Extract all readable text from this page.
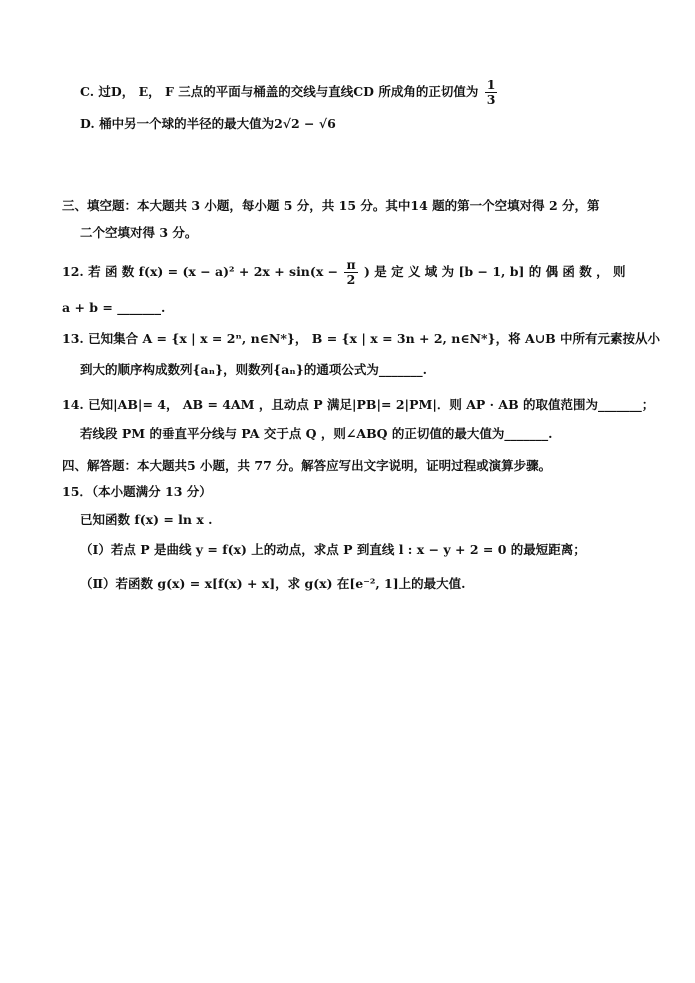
C. 过D， E， F 三点的平面与桶盖的交线与直线CD 所成角的正切值为 $\frac{1}{3}$
D. 桶中另一个球的半径的最大值为2√2 − √6
三、填空题：本大题共 3 小题，每小题 5 分，共 15 分。其中14 题的第一个空填对得 2 分，第
二个空填对得 3 分。
12. 若 函 数 $f(x) = (x - a)^2 + 2x + \sin(x - \frac{\pi}{2}$ ) 是 定 义 域 为 [b − 1, b] 的 偶 函 数 ， 则
a + b = _______.
13. 已知集合 A = {x | x = 2ⁿ, n∈N*}， B = {x | x = 3n + 2, n∈N*}，将 A∪B 中所有元素按从小
到大的顺序构成数列{aₙ}，则数列{aₙ}的通项公式为_______.
14. 已知|AB|= 4， AB = 4AM ，且动点 P 满足|PB|= 2|PM|．则 AP · AB 的取值范围为_______；
若线段 PM 的垂直平分线与 PA 交于点 Q ，则∠ABQ 的正切值的最大值为_______.
四、解答题：本大题共5 小题，共 77 分。解答应写出文字说明，证明过程或演算步骤。
15．（本小题满分 13 分）
已知函数 f(x) = ln x .
（Ⅰ）若点 P 是曲线 y = f(x) 上的动点，求点 P 到直线 l : x − y + 2 = 0 的最短距离；
（Ⅱ）若函数 g(x) = x[f(x) + x]，求 g(x) 在[e⁻², 1]上的最大值.
